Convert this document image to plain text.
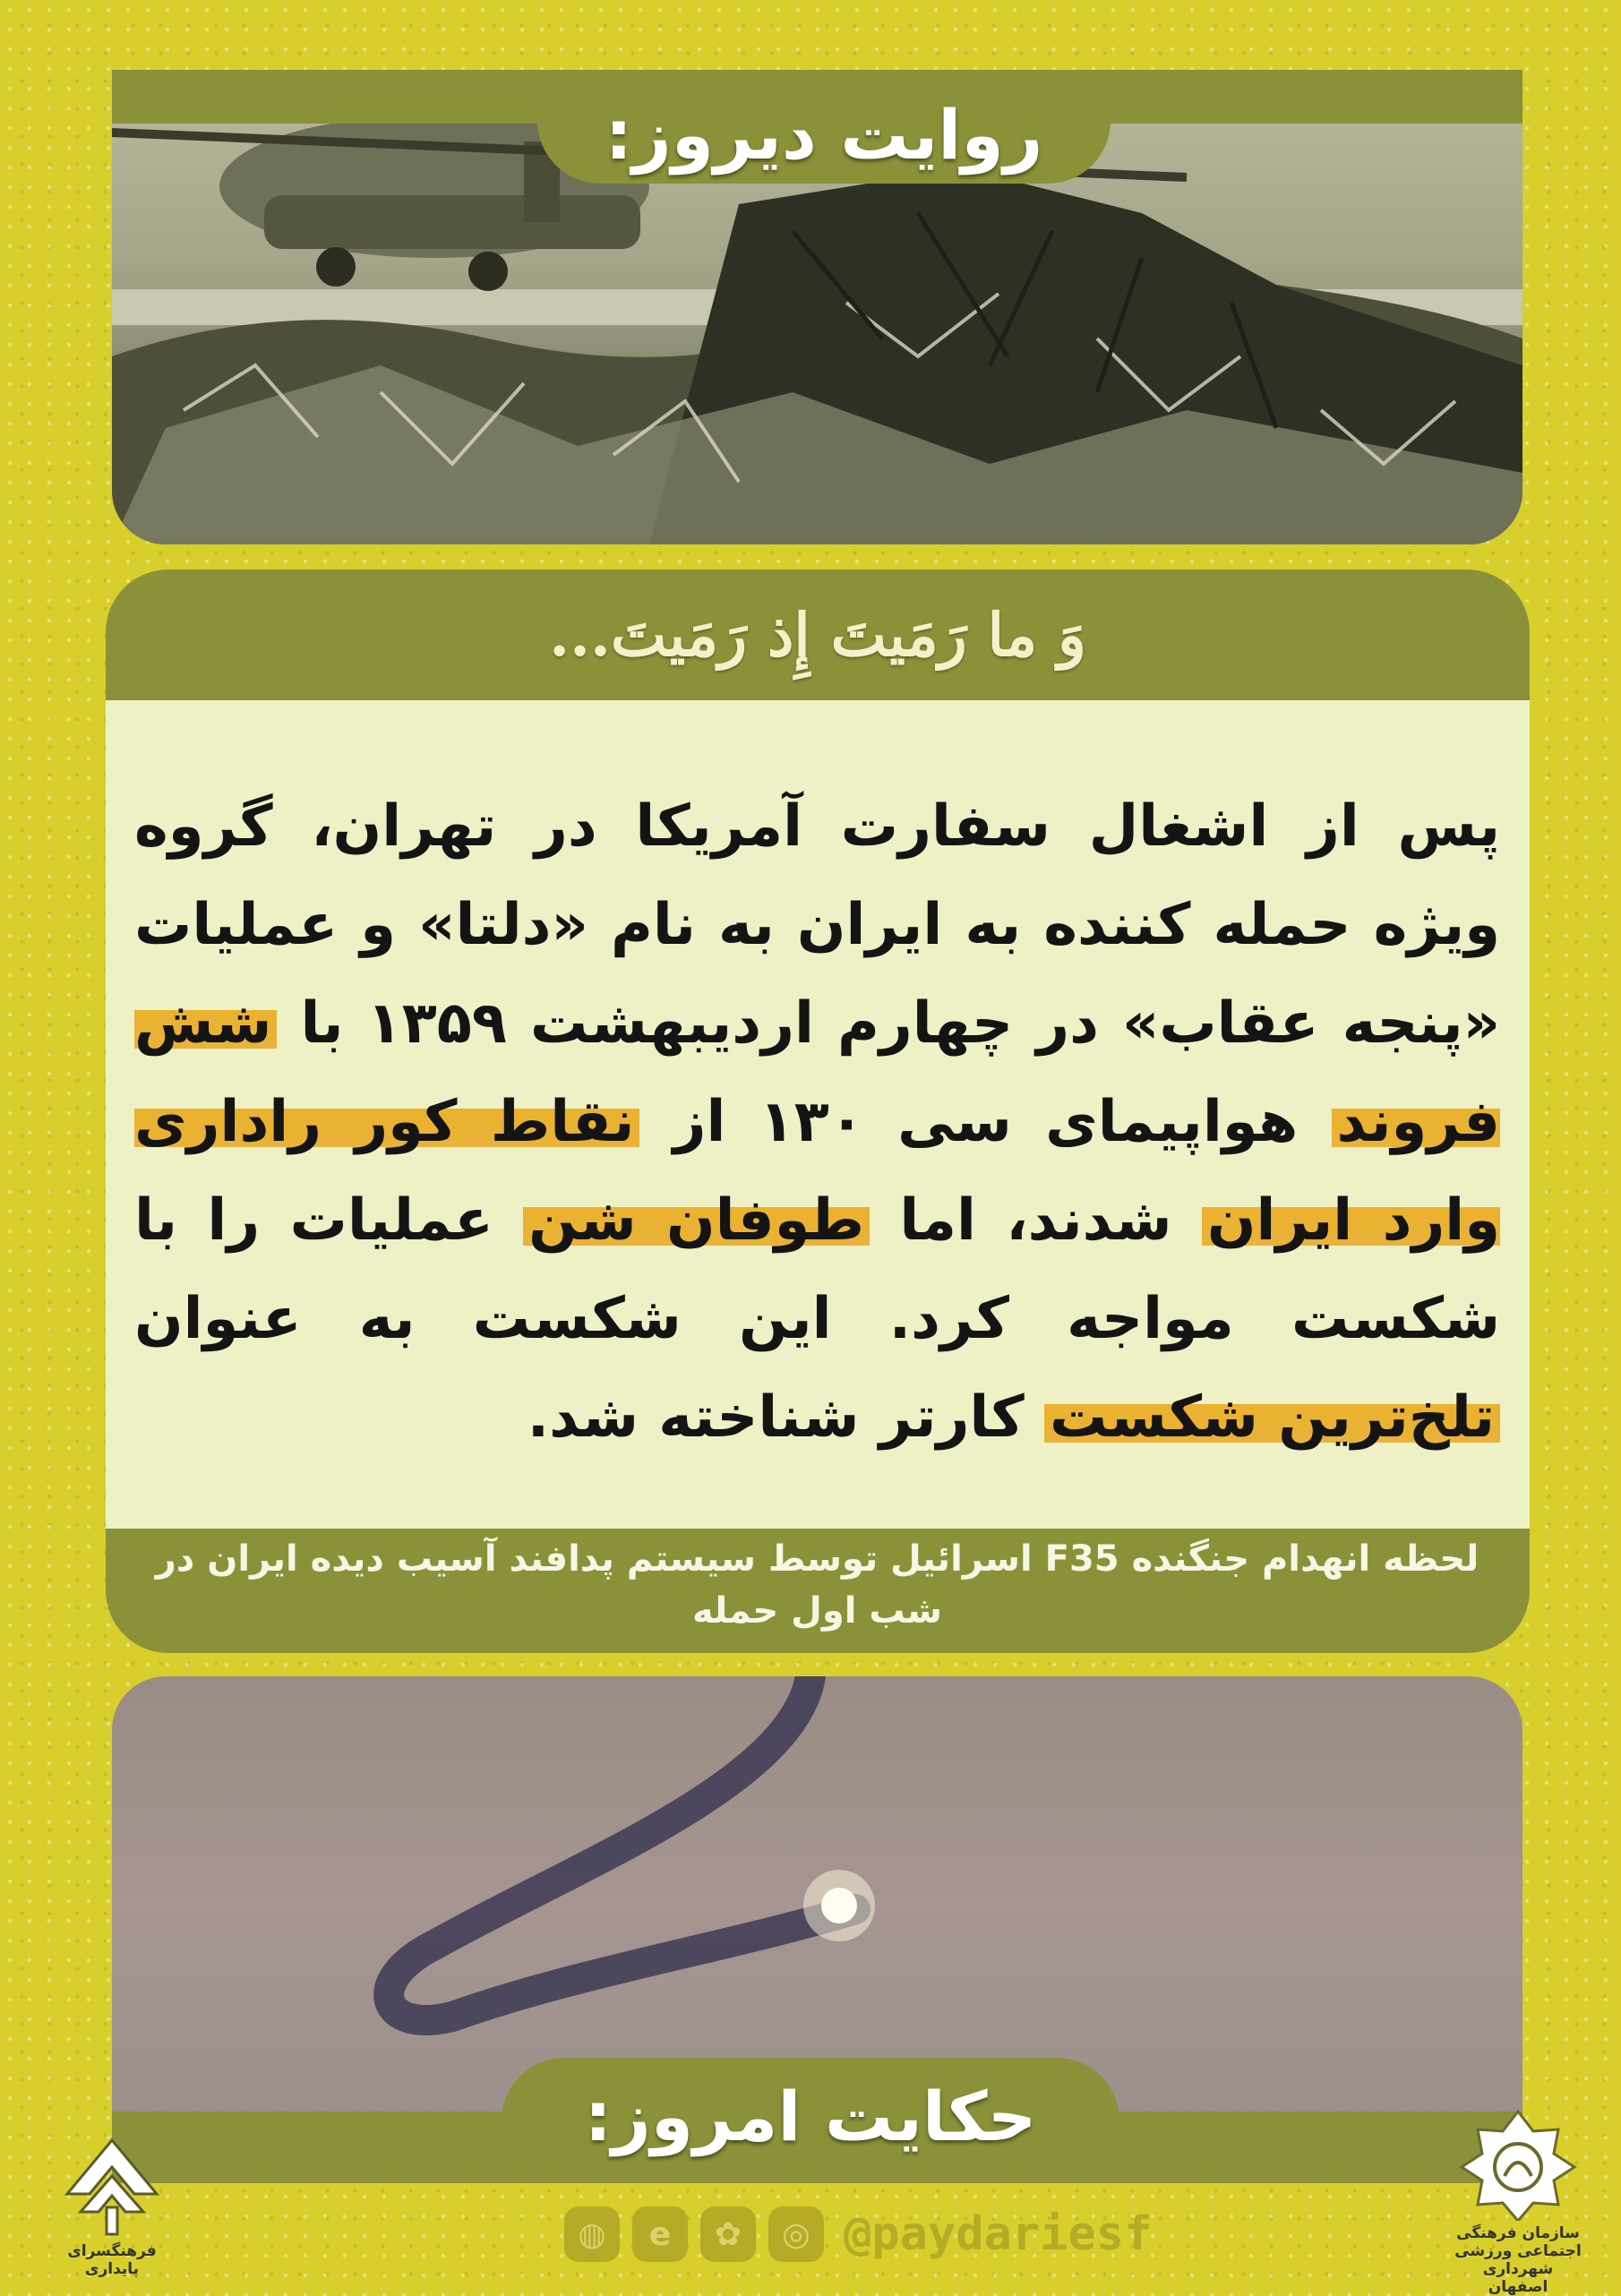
روایت دیروز:
وَ ما رَمَیتَ إِذ رَمَیتَ...
پس از اشغال سفارت آمریکا در تهران، گروه ویژه حمله کننده به ایران به نام «دلتا» و عملیات «پنجه عقاب» در چهارم اردیبهشت ۱۳۵۹ با شش فروند هواپیمای سی ۱۳۰ از نقاط کور راداری وارد ایران شدند، اما طوفان شن عملیات را با شکست مواجه کرد. این شکست به عنوان تلخ‌ترین شکست کارتر شناخته شد.
لحظه انهدام جنگنده F35 اسرائیل توسط سیستم پدافند آسیب دیده ایران در شب اول حمله
حکایت امروز:
فرهنگسرای پایداری
◍	e	✿	◎ @paydariesf	سازمان فرهنگی اجتماعی ورزشی شهرداری اصفهان
